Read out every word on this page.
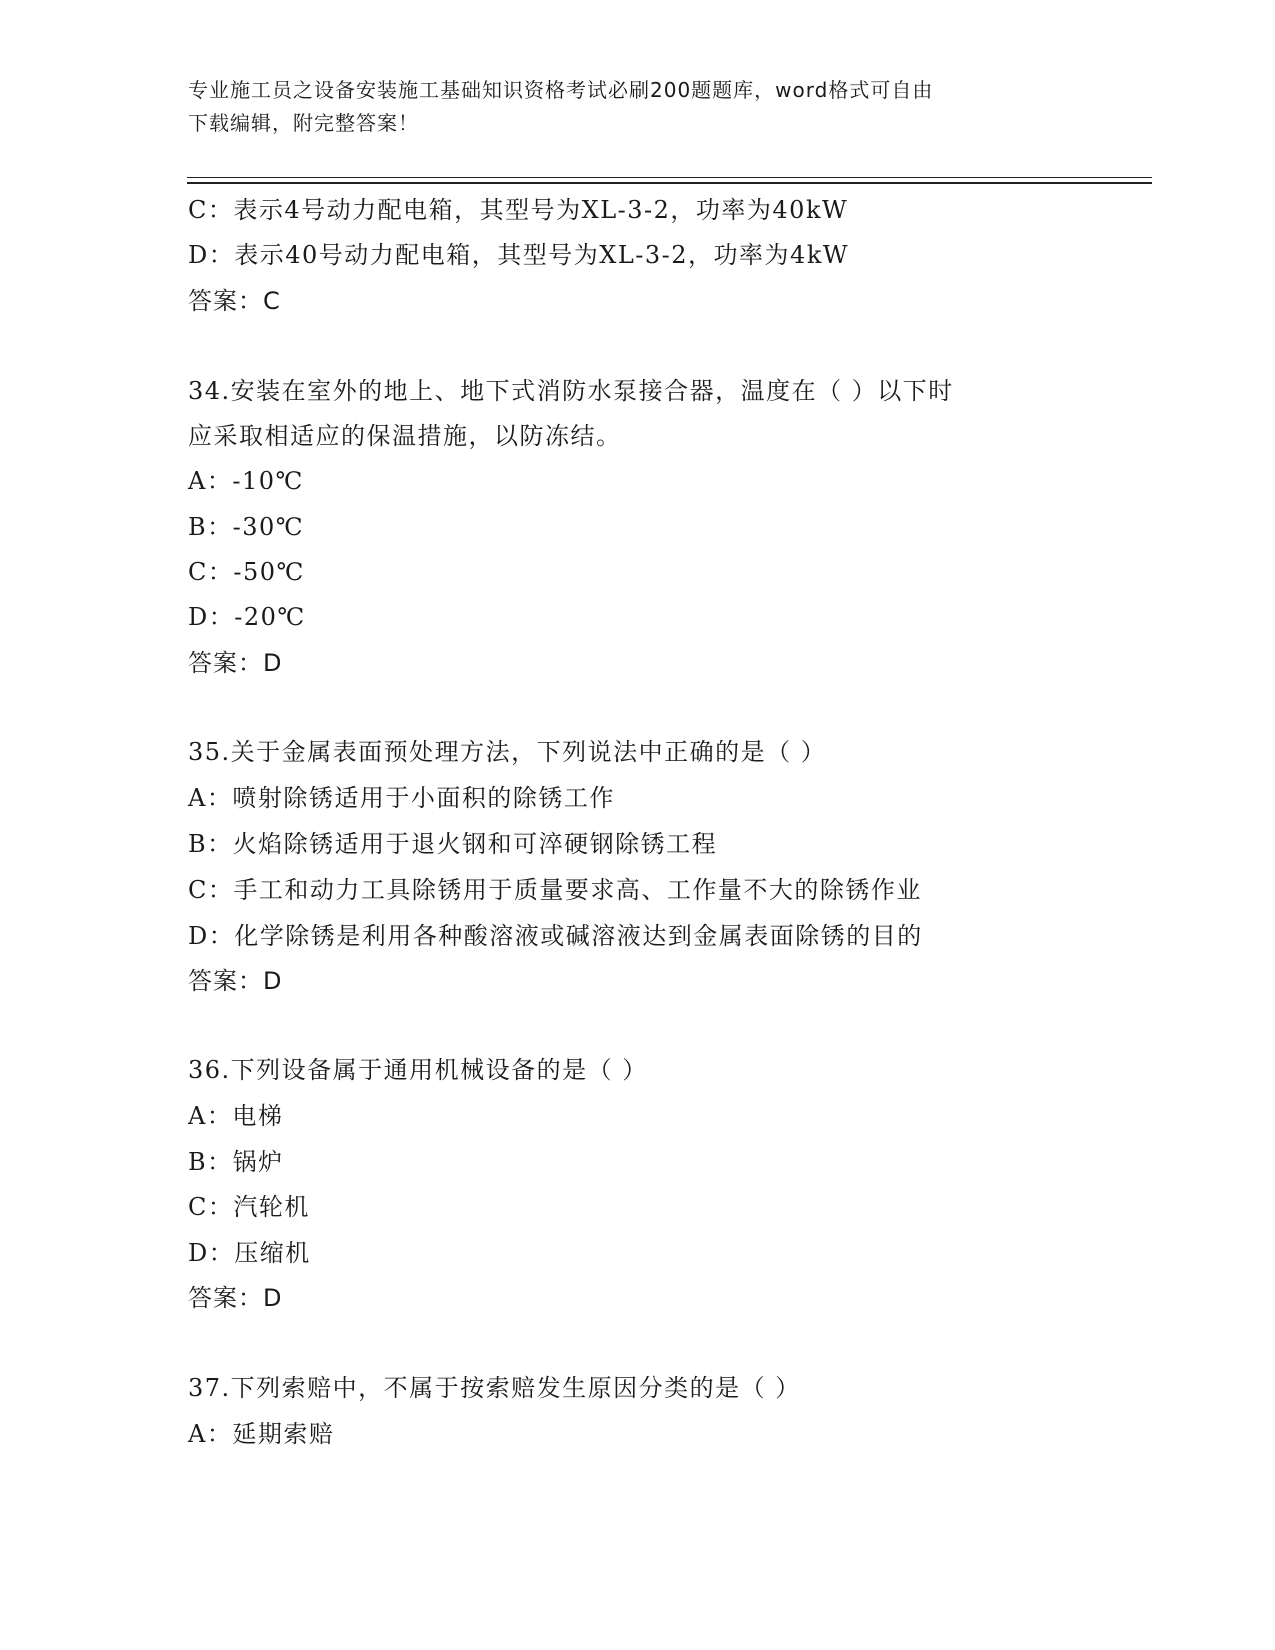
专业施工员之设备安装施工基础知识资格考试必刷200题题库，word格式可自由
下载编辑，附完整答案！
C：表示4号动力配电箱，其型号为XL-3-2，功率为40kW
D：表示40号动力配电箱，其型号为XL-3-2，功率为4kW
答案：C
34.安装在室外的地上、地下式消防水泵接合器，温度在（ ）以下时
应采取相适应的保温措施，以防冻结。
A：-10℃
B：-30℃
C：-50℃
D：-20℃
答案：D
35.关于金属表面预处理方法，下列说法中正确的是（ ）
A：喷射除锈适用于小面积的除锈工作
B：火焰除锈适用于退火钢和可淬硬钢除锈工程
C：手工和动力工具除锈用于质量要求高、工作量不大的除锈作业
D：化学除锈是利用各种酸溶液或碱溶液达到金属表面除锈的目的
答案：D
36.下列设备属于通用机械设备的是（ ）
A：电梯
B：锅炉
C：汽轮机
D：压缩机
答案：D
37.下列索赔中，不属于按索赔发生原因分类的是（ ）
A：延期索赔
